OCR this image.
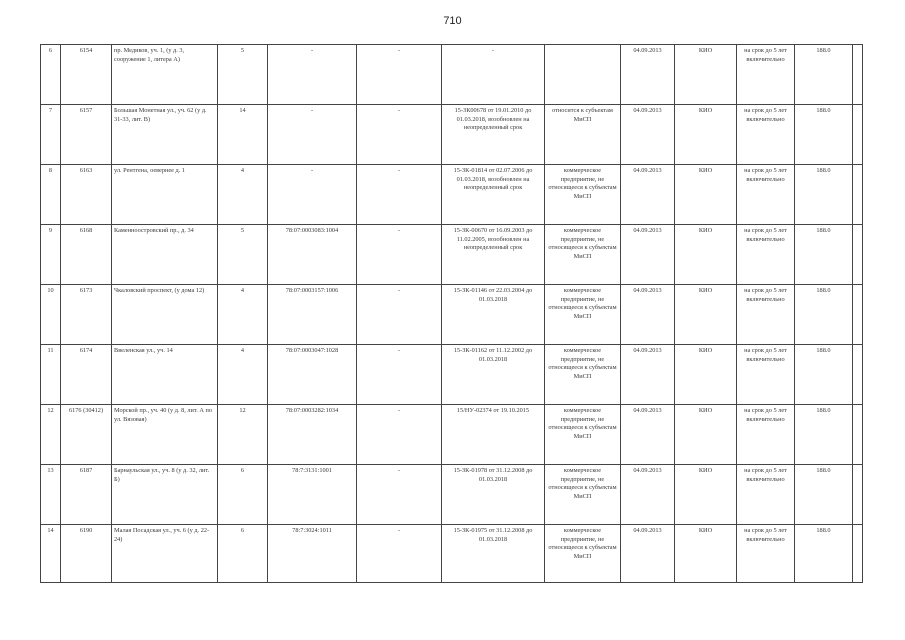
710
6	6154	пр. Медиков, уч. 1, (у д. 3, сооружение 1, литера А)	5	-	-	-		04.09.2013	КИО	на срок до 5 лет включительно	188.0	
7	6157	Большая Монетная ул., уч. 62 (у д. 31-33, лит. В)	14	-	-	15-ЗК00678 от 19.01.2010 до 01.03.2018, возобновлен на неопределенный срок	относится к субъектам МиСП	04.09.2013	КИО	на срок до 5 лет включительно	188.0	
8	6163	ул. Рентгена, оевернее д. 1	4	-	-	15-ЗК-01814 от 02.07.2006 до 01.03.2018, возобновлен на неопределенный срок	коммерческое предприятие, не относящееся к субъектам МиСП	04.09.2013	КИО	на срок до 5 лет включительно	188.0	
9	6168	Каменноостровский пр., д. 34	5	78:07:0003083:1004	-	15-ЗК-00670 от 16.09.2003 до 11.02.2005, возобновлен на неопределенный срок	коммерческое предприятие, не относящееся к субъектам МиСП	04.09.2013	КИО	на срок до 5 лет включительно	188.0	
10	6173	Чкаловский проспект, (у дома 12)	4	78:07:0003157:1006	-	15-ЗК-01146 от 22.03.2004 до 01.03.2018	коммерческое предприятие, не относящееся к субъектам МиСП	04.09.2013	КИО	на срок до 5 лет включительно	188.0	
11	6174	Ввеленская ул., уч. 14	4	78:07:0003047:1028	-	15-ЗК-01162 от 11.12.2002 до 01.03.2018	коммерческое предприятие, не относящееся к субъектам МиСП	04.09.2013	КИО	на срок до 5 лет включительно	188.0	
12	6176 (30412)	Морской пр., уч. 40 (у д. 8, лит. А по ул. Вязовая)	12	78:07:0003282:1034	-	15/НУ-02374 от 19.10.2015	коммерческое предприятие, не относящееся к субъектам МиСП	04.09.2013	КИО	на срок до 5 лет включительно	188.0	
13	6187	Барнаульская ул., уч. 8 (у д. 32, лит. Б)	6	78:7:3131:1001	-	15-ЗК-01978 от 31.12.2008 до 01.03.2018	коммерческое предприятие, не относящееся к субъектам МиСП	04.09.2013	КИО	на срок до 5 лет включительно	188.0	
14	6190	Малая Посадская ул., уч. 6 (у д. 22-24)	6	78:7:3024:1011	-	15-ЗК-01975 от 31.12.2008 до 01.03.2018	коммерческое предприятие, не относящееся к субъектам МиСП	04.09.2013	КИО	на срок до 5 лет включительно	188.0	
